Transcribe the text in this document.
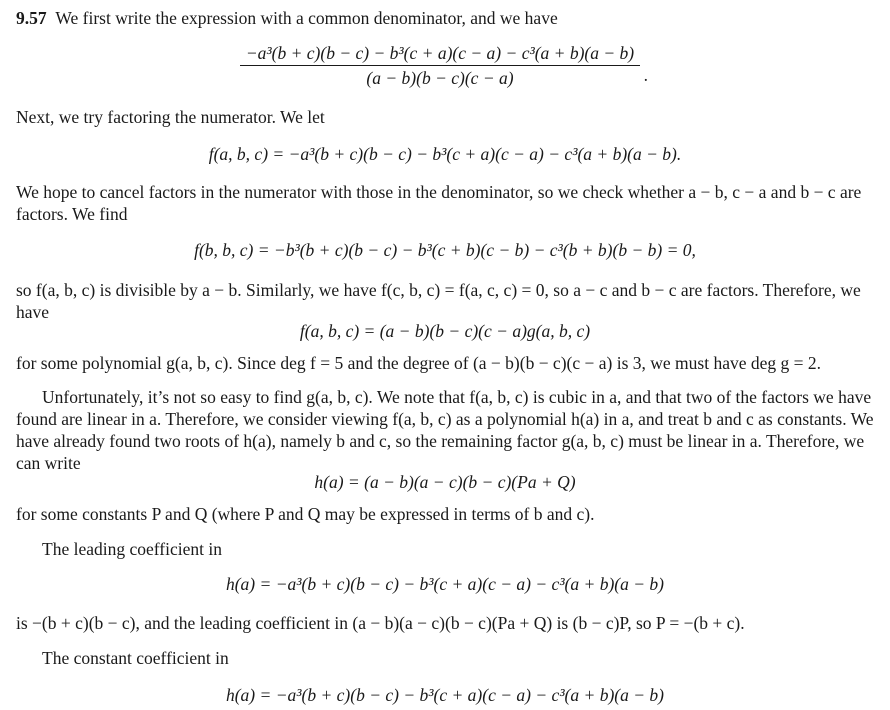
9.57 We first write the expression with a common denominator, and we have

−a³(b + c)(b − c) − b³(c + a)(c − a) − c³(a + b)(a − b)
(a − b)(b − c)(c − a)	.

Next, we try factoring the numerator. We let

f(a, b, c) = −a³(b + c)(b − c) − b³(c + a)(c − a) − c³(a + b)(a − b).

We hope to cancel factors in the numerator with those in the denominator, so we check whether a − b, c − a and b − c are factors. We find

f(b, b, c) = −b³(b + c)(b − c) − b³(c + b)(c − b) − c³(b + b)(b − b) = 0,

so f(a, b, c) is divisible by a − b. Similarly, we have f(c, b, c) = f(a, c, c) = 0, so a − c and b − c are factors. Therefore, we have

f(a, b, c) = (a − b)(b − c)(c − a)g(a, b, c)

for some polynomial g(a, b, c). Since deg f = 5 and the degree of (a − b)(b − c)(c − a) is 3, we must have deg g = 2.

Unfortunately, it’s not so easy to find g(a, b, c). We note that f(a, b, c) is cubic in a, and that two of the factors we have found are linear in a. Therefore, we consider viewing f(a, b, c) as a polynomial h(a) in a, and treat b and c as constants. We have already found two roots of h(a), namely b and c, so the remaining factor g(a, b, c) must be linear in a. Therefore, we can write

h(a) = (a − b)(a − c)(b − c)(Pa + Q)

for some constants P and Q (where P and Q may be expressed in terms of b and c).

The leading coefficient in

h(a) = −a³(b + c)(b − c) − b³(c + a)(c − a) − c³(a + b)(a − b)

is −(b + c)(b − c), and the leading coefficient in (a − b)(a − c)(b − c)(Pa + Q) is (b − c)P, so P = −(b + c).

The constant coefficient in

h(a) = −a³(b + c)(b − c) − b³(c + a)(c − a) − c³(a + b)(a − b)
